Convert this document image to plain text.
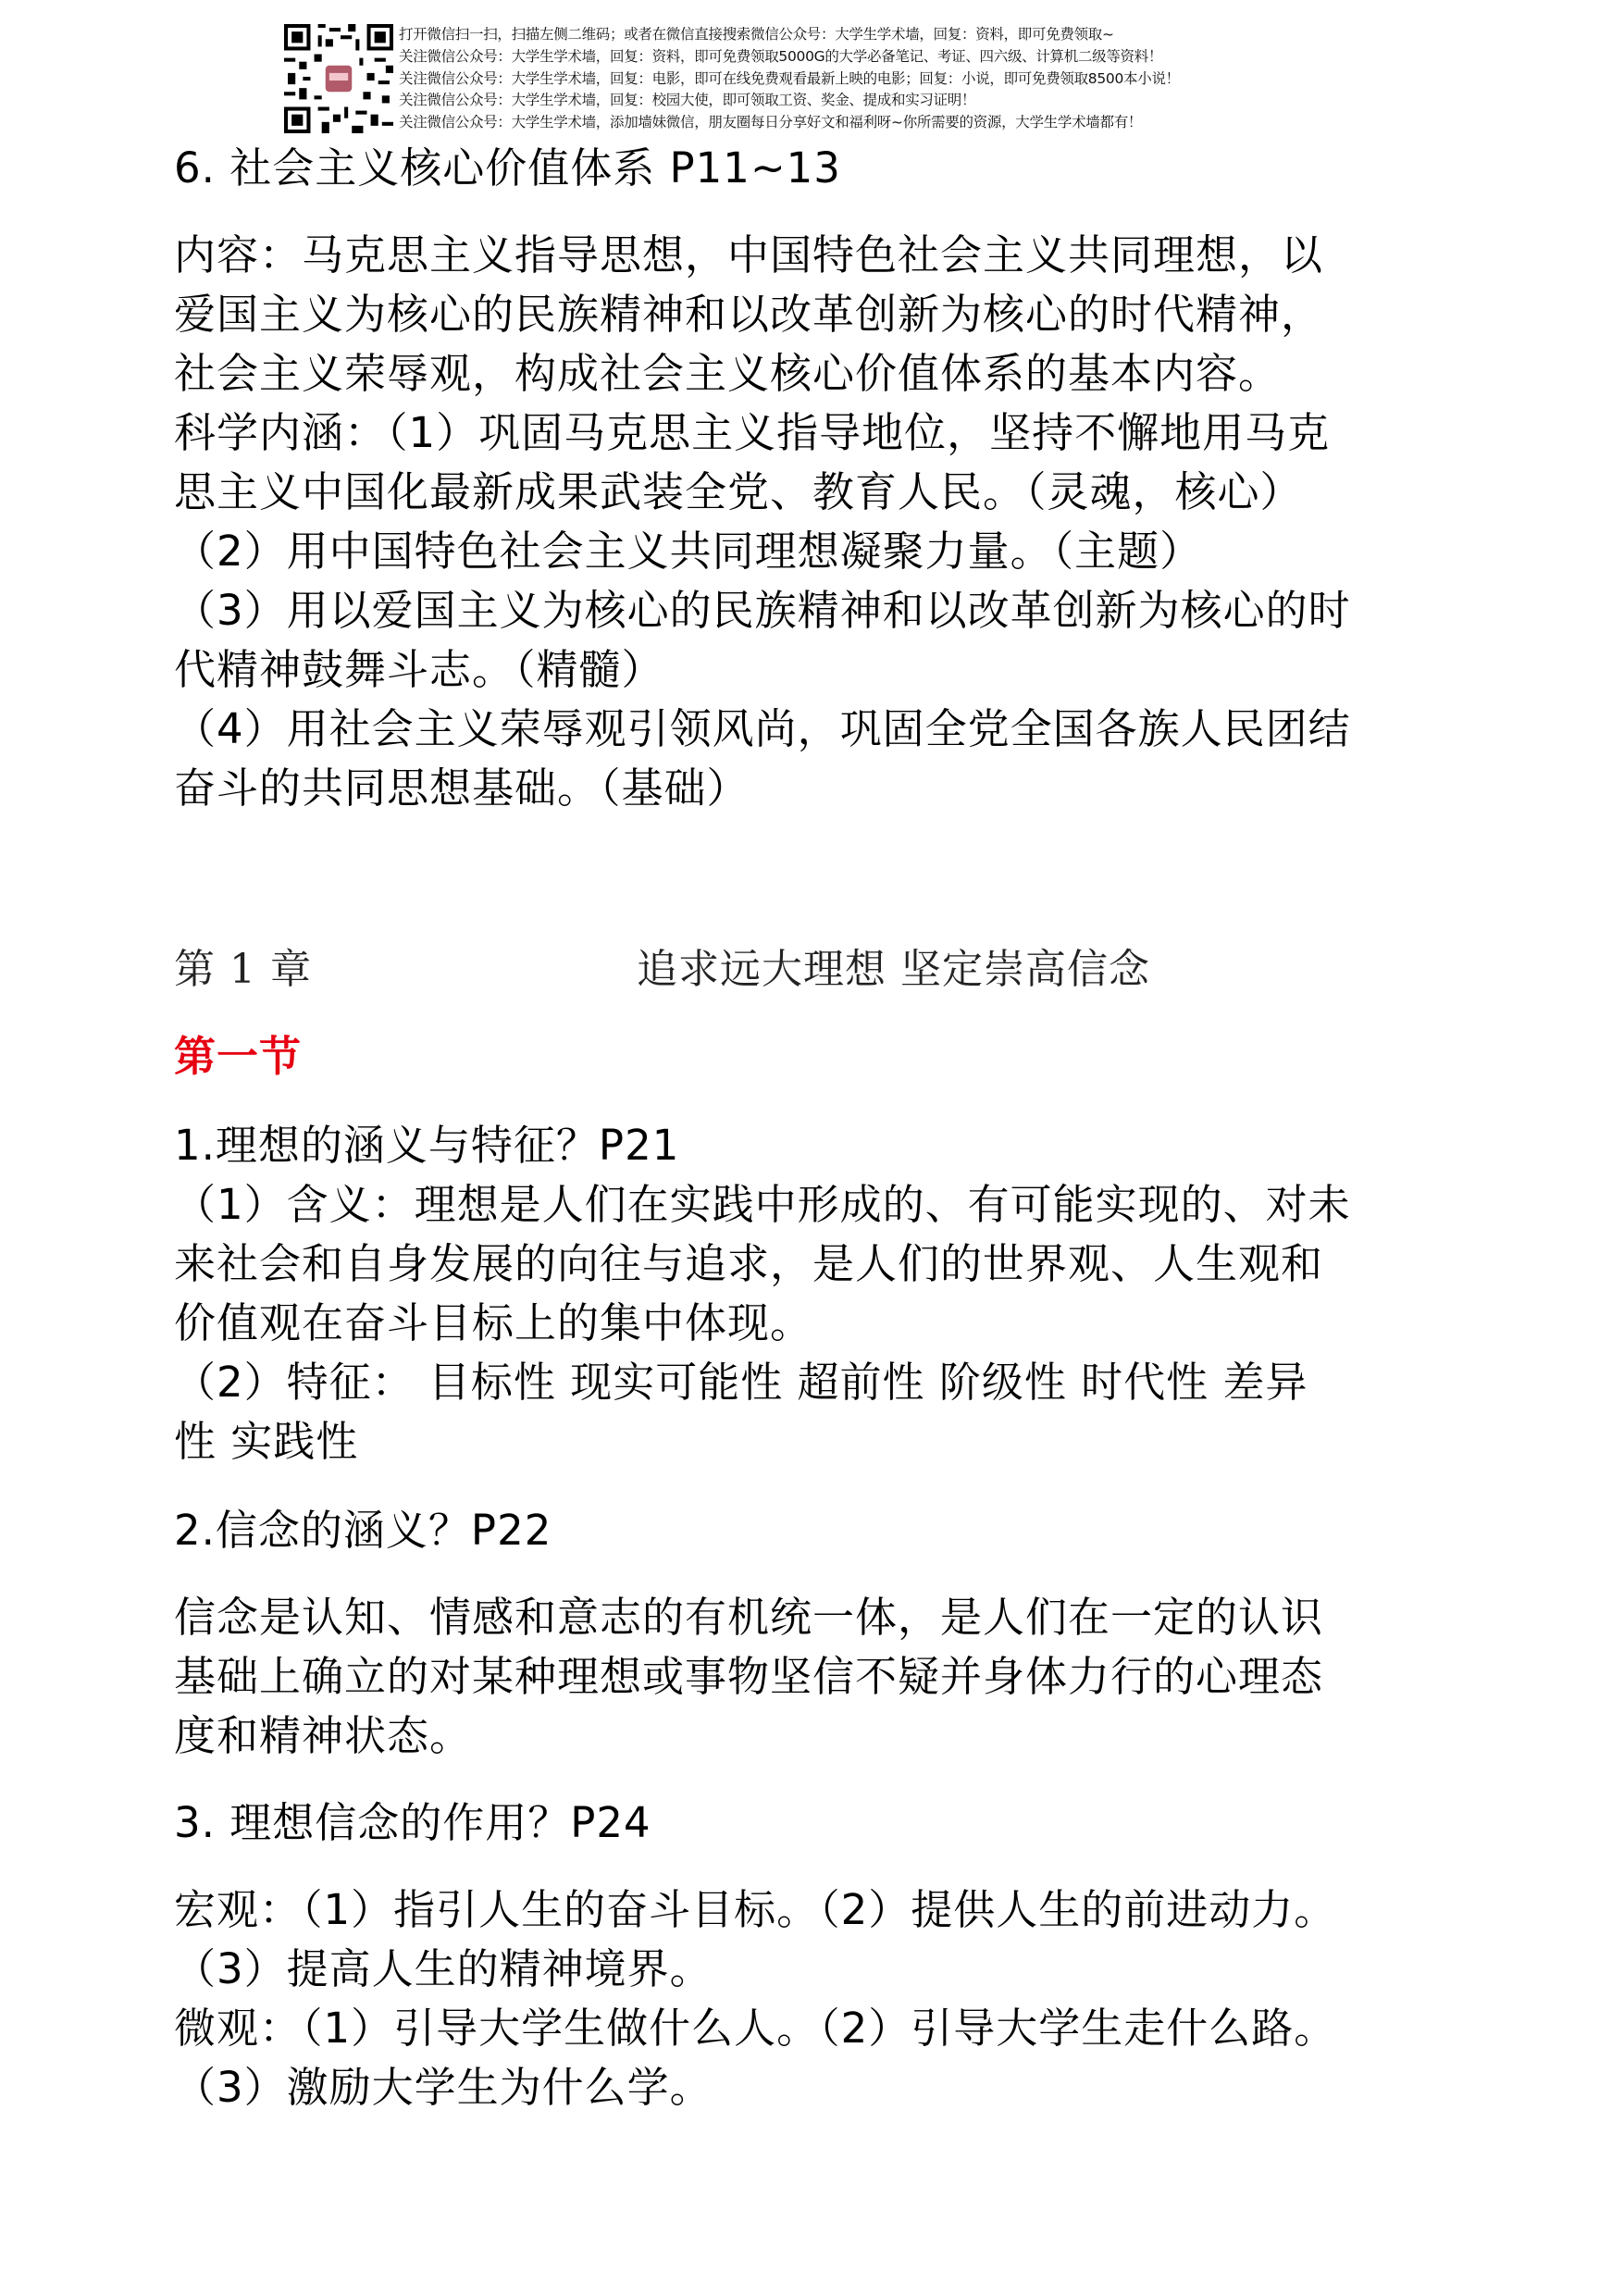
打开微信扫一扫，扫描左侧二维码；或者在微信直接搜索微信公众号：大学生学术墙，回复：资料，即可免费领取~
关注微信公众号：大学生学术墙，回复：资料，即可免费领取5000G的大学必备笔记、考证、四六级、计算机二级等资料！
关注微信公众号：大学生学术墙，回复：电影，即可在线免费观看最新上映的电影；回复：小说，即可免费领取8500本小说！
关注微信公众号：大学生学术墙，回复：校园大使，即可领取工资、奖金、提成和实习证明！
关注微信公众号：大学生学术墙，添加墙妹微信，朋友圈每日分享好文和福利呀~你所需要的资源，大学生学术墙都有！
6. 社会主义核心价值体系 P11~13
内容：马克思主义指导思想，中国特色社会主义共同理想，以
爱国主义为核心的民族精神和以改革创新为核心的时代精神，
社会主义荣辱观，构成社会主义核心价值体系的基本内容。
科学内涵：（1）巩固马克思主义指导地位，坚持不懈地用马克
思主义中国化最新成果武装全党、教育人民。（灵魂，核心）
（2）用中国特色社会主义共同理想凝聚力量。（主题）
（3）用以爱国主义为核心的民族精神和以改革创新为核心的时
代精神鼓舞斗志。（精髓）
（4）用社会主义荣辱观引领风尚，巩固全党全国各族人民团结
奋斗的共同思想基础。（基础）
第 1 章	追求远大理想 坚定崇高信念
第一节
1.理想的涵义与特征？P21
（1）含义：理想是人们在实践中形成的、有可能实现的、对未
来社会和自身发展的向往与追求，是人们的世界观、人生观和
价值观在奋斗目标上的集中体现。
（2）特征： 目标性 现实可能性 超前性 阶级性 时代性 差异
性 实践性
2.信念的涵义？P22
信念是认知、情感和意志的有机统一体，是人们在一定的认识
基础上确立的对某种理想或事物坚信不疑并身体力行的心理态
度和精神状态。
3. 理想信念的作用？P24
宏观：（1）指引人生的奋斗目标。（2）提供人生的前进动力。
（3）提高人生的精神境界。
微观：（1）引导大学生做什么人。（2）引导大学生走什么路。
（3）激励大学生为什么学。
